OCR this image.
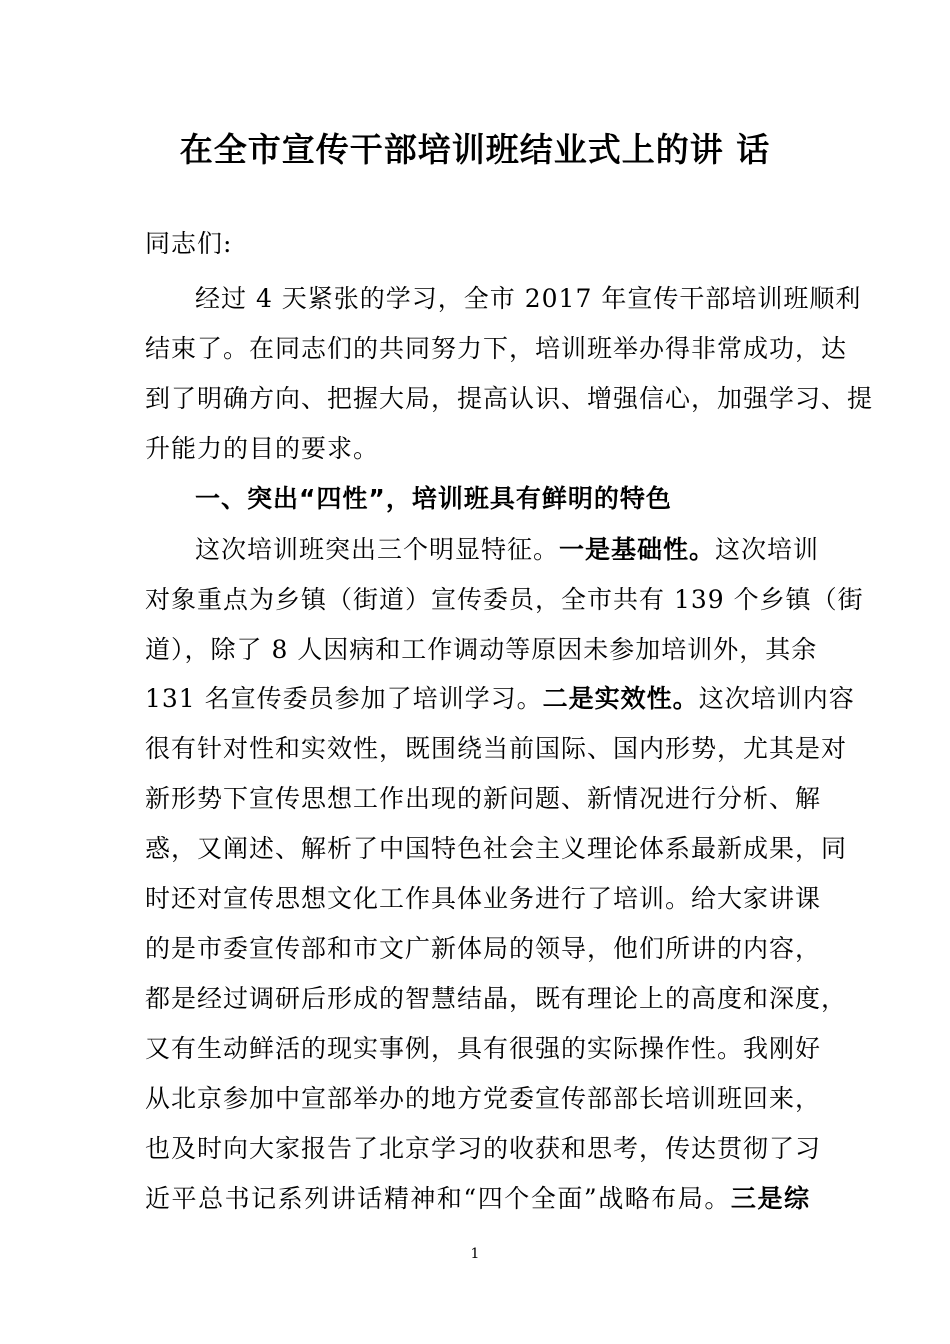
在全市宣传干部培训班结业式上的讲 话

同志们:

经过 4 天紧张的学习，全市 2017 年宣传干部培训班顺利

结束了。在同志们的共同努力下，培训班举办得非常成功，达

到了明确方向、把握大局，提高认识、增强信心，加强学习、提

升能力的目的要求。

一、突出“四性”，培训班具有鲜明的特色

这次培训班突出三个明显特征。一是基础性。这次培训

对象重点为乡镇（街道）宣传委员，全市共有 139 个乡镇（街

道），除了 8 人因病和工作调动等原因未参加培训外，其余

131 名宣传委员参加了培训学习。二是实效性。这次培训内容

很有针对性和实效性，既围绕当前国际、国内形势，尤其是对

新形势下宣传思想工作出现的新问题、新情况进行分析、解

惑，又阐述、解析了中国特色社会主义理论体系最新成果，同

时还对宣传思想文化工作具体业务进行了培训。给大家讲课

的是市委宣传部和市文广新体局的领导，他们所讲的内容，

都是经过调研后形成的智慧结晶，既有理论上的高度和深度，

又有生动鲜活的现实事例，具有很强的实际操作性。我刚好

从北京参加中宣部举办的地方党委宣传部部长培训班回来，

也及时向大家报告了北京学习的收获和思考，传达贯彻了习

近平总书记系列讲话精神和“四个全面”战略布局。三是综

1
